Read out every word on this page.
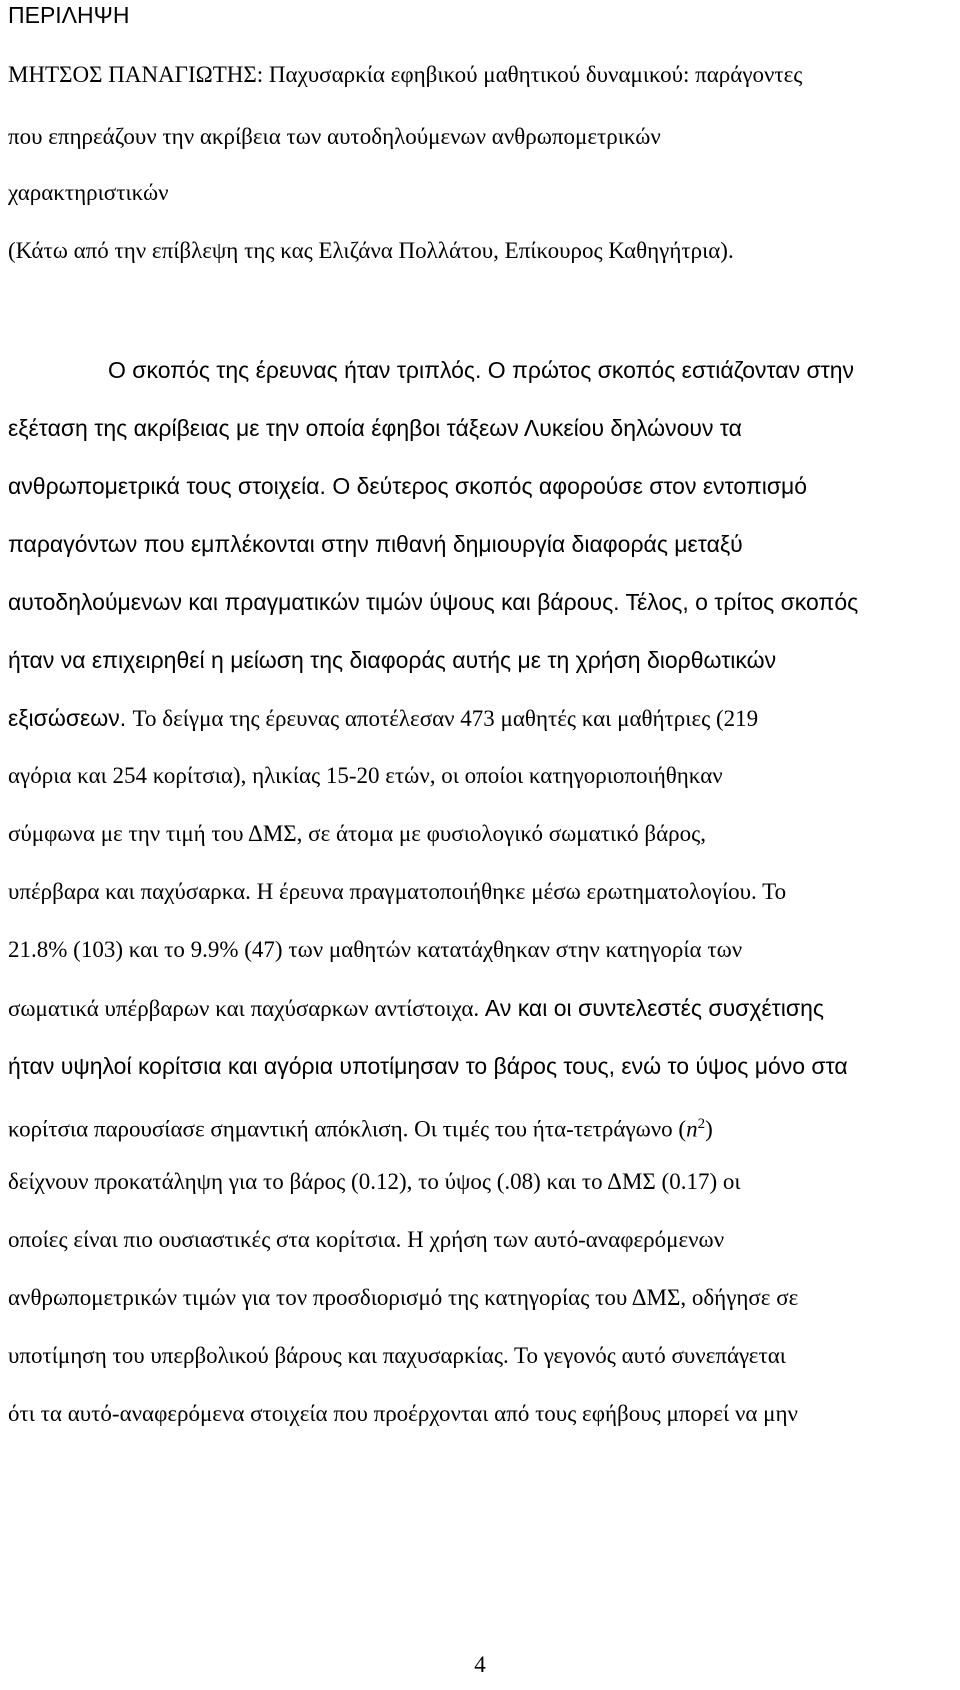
ΠΕΡΙΛΗΨΗ
ΜΗΤΣΟΣ ΠΑΝΑΓΙΩΤΗΣ: Παχυσαρκία εφηβικού μαθητικού δυναμικού: παράγοντες
που επηρεάζουν την ακρίβεια των αυτοδηλούμενων ανθρωπομετρικών
χαρακτηριστικών
(Κάτω από την επίβλεψη της κας Ελιζάνα Πολλάτου, Επίκουρος Καθηγήτρια).
Ο σκοπός της έρευνας ήταν τριπλός. Ο πρώτος σκοπός εστιάζονταν στην
εξέταση της ακρίβειας με την οποία έφηβοι τάξεων Λυκείου δηλώνουν τα
ανθρωπομετρικά τους στοιχεία. Ο δεύτερος σκοπός αφορούσε στον εντοπισμό
παραγόντων που εμπλέκονται στην πιθανή δημιουργία διαφοράς μεταξύ
αυτοδηλούμενων και πραγματικών τιμών ύψους και βάρους. Τέλος, ο τρίτος σκοπός
ήταν να επιχειρηθεί η μείωση της διαφοράς αυτής με τη χρήση διορθωτικών
εξισώσεων. Το δείγμα της έρευνας αποτέλεσαν 473 μαθητές και μαθήτριες (219
αγόρια και 254 κορίτσια), ηλικίας 15-20 ετών, οι οποίοι κατηγοριοποιήθηκαν
σύμφωνα με την τιμή του ΔΜΣ, σε άτομα με φυσιολογικό σωματικό βάρος,
υπέρβαρα και παχύσαρκα. Η έρευνα πραγματοποιήθηκε μέσω ερωτηματολογίου. Το
21.8% (103) και το 9.9% (47) των μαθητών κατατάχθηκαν στην κατηγορία των
σωματικά υπέρβαρων και παχύσαρκων αντίστοιχα. Αν και οι συντελεστές συσχέτισης
ήταν υψηλοί κορίτσια και αγόρια υποτίμησαν το βάρος τους, ενώ το ύψος μόνο στα
κορίτσια παρουσίασε σημαντική απόκλιση. Οι τιμές του ήτα-τετράγωνο $(n^2)$
δείχνουν προκατάληψη για το βάρος (0.12), το ύψος (.08) και το ΔΜΣ (0.17) οι
οποίες είναι πιο ουσιαστικές στα κορίτσια. Η χρήση των αυτό-αναφερόμενων
ανθρωπομετρικών τιμών για τον προσδιορισμό της κατηγορίας του ΔΜΣ, οδήγησε σε
υποτίμηση του υπερβολικού βάρους και παχυσαρκίας. Το γεγονός αυτό συνεπάγεται
ότι τα αυτό-αναφερόμενα στοιχεία που προέρχονται από τους εφήβους μπορεί να μην
4
